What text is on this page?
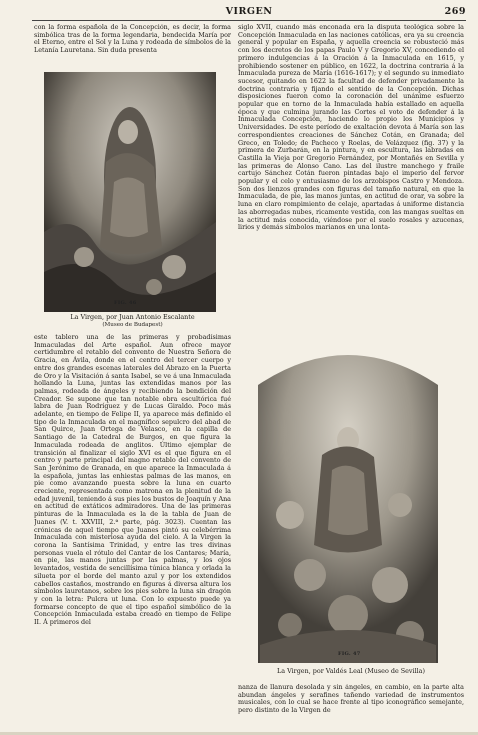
VIRGEN	269

con la forma española de la Concepción, es decir, la forma simbólica tras de la forma legendaria, bendecida María por el Eterno, entre el Sol y la Luna y rodeada de símbolos de la Letanía Lauretana. Sin duda presenta

FIG. 46
La Virgen, por Juan Antonio Escalante
(Museo de Budapest)

este tablero una de las primeras y probadísimas Inmaculadas del Arte español. Aun ofrece mayor certidumbre el retablo del convento de Nuestra Señora de Gracia, en Ávila, donde en el centro del tercer cuerpo y entre dos grandes escenas laterales del Abrazo en la Puerta de Oro y la Visitación á santa Isabel, se ve á una Inmaculada hollando la Luna, juntas las extendidas manos por las palmas, rodeada de ángeles y recibiendo la bendición del Creador. Se supone que tan notable obra escultórica fué labra de Juan Rodríguez y de Lucas Giraldo. Poco más adelante, en tiempo de Felipe II, ya aparece más definido el tipo de la Inmaculada en el magnífico sepulcro del abad de San Quirce, Juan Ortega de Velasco, en la capilla de Santiago de la Catedral de Burgos, en que figura la Inmaculada rodeada de anglitos. Último ejemplar de transición al finalizar el siglo XVI es el que figura en el centro y parte principal del magno retablo del convento de San Jerónimo de Granada, en que aparece la Inmaculada á la española, juntas las enhiestas palmas de las manos, en pie como avanzando puesta sobre la luna en cuarto creciente, representada como matrona en la plenitud de la edad juvenil, teniendo á sus pies los bustos de Joaquín y Ana en actitud de extáticos admiradores. Una de las primeras pinturas de la Inmaculada es la de la tabla de Juan de Juanes (V. t. XXVIII, 2.ª parte, pág. 3023). Cuentan las crónicas de aquel tiempo que Juanes pintó su celebérrima Inmaculada con misteriosa ayuda del cielo. Á la Virgen la corona la Santísima Trinidad, y entre las tres divinas personas vuela el rótulo del Cantar de los Cantares; María, en pie, las manos juntas por las palmas, y los ojos levantados, vestida de sencillísima túnica blanca y orlada la silueta por el borde del manto azul y por los extendidos cabellos castaños, mostrando en figuras á diversa altura los símbolos lauretanos, sobre los pies sobre la luna sin dragón y con la letra: Pulcra ut luna. Con lo expuesto puede ya formarse concepto de que el tipo español simbólico de la Concepción Inmaculada estaba creado en tiempo de Felipe II. Á primeros del

siglo XVII, cuando más enconada era la disputa teológica sobre la Concepción Inmaculada en las naciones católicas, era ya su creencia general y popular en España, y aquella creencia se robusteció más con los decretos de los papas Paulo V y Gregorio XV, concediendo el primero indulgencias á la Oración á la Inmaculada en 1615, y prohibiendo sostener en público, en 1622, la doctrina contraria á la Inmaculada pureza de María (1616-1617); y el segundo su inmediato sucesor, quitando en 1622 la facultad de defender privadamente la doctrina contraria y fijando el sentido de la Concepción. Dichas disposiciones fueron como la coronación del unánime esfuerzo popular que en torno de la Inmaculada había estallado en aquella época y que culmina jurando las Cortes el voto de defender á la Inmaculada Concepción, haciendo lo propio los Municipios y Universidades. De este período de exaltación devota á María son las correspondientes creaciones de Sánchez Cotán, en Granada; del Greco, en Toledo; de Pacheco y Roelas, de Velázquez (fig. 37) y la primera de Zurbarán, en la pintura, y en escultura, las labradas en Castilla la Vieja por Gregorio Fernández, por Montañés en Sevilla y las primeras de Alonso Cano. Las del ilustre manchego y fraile cartujo Sánchez Cotán fueron pintadas bajo el imperio del fervor popular y el celo y entusiasmo de los arzobispos Castro y Mendoza. Son dos lienzos grandes con figuras del tamaño natural, en que la Inmaculada, de pie, las manos juntas, en actitud de orar, va sobre la luna en claro rompimiento de celaje, apartadas á uniforme distancia las aborregadas nubes, ricamente vestida, con las mangas sueltas en la actitud más conocida, viéndose por el suelo rosales y azucenas, lirios y demás símbolos marianos en una lonta-

FIG. 47
La Virgen, por Valdés Leal (Museo de Sevilla)

nanza de llanura desolada y sin ángeles, en cambio, en la parte alta abundan ángeles y serafines tañendo variedad de instrumentos musicales, con lo cual se hace frente al tipo iconográfico semejante, pero distinto de la Virgen de
